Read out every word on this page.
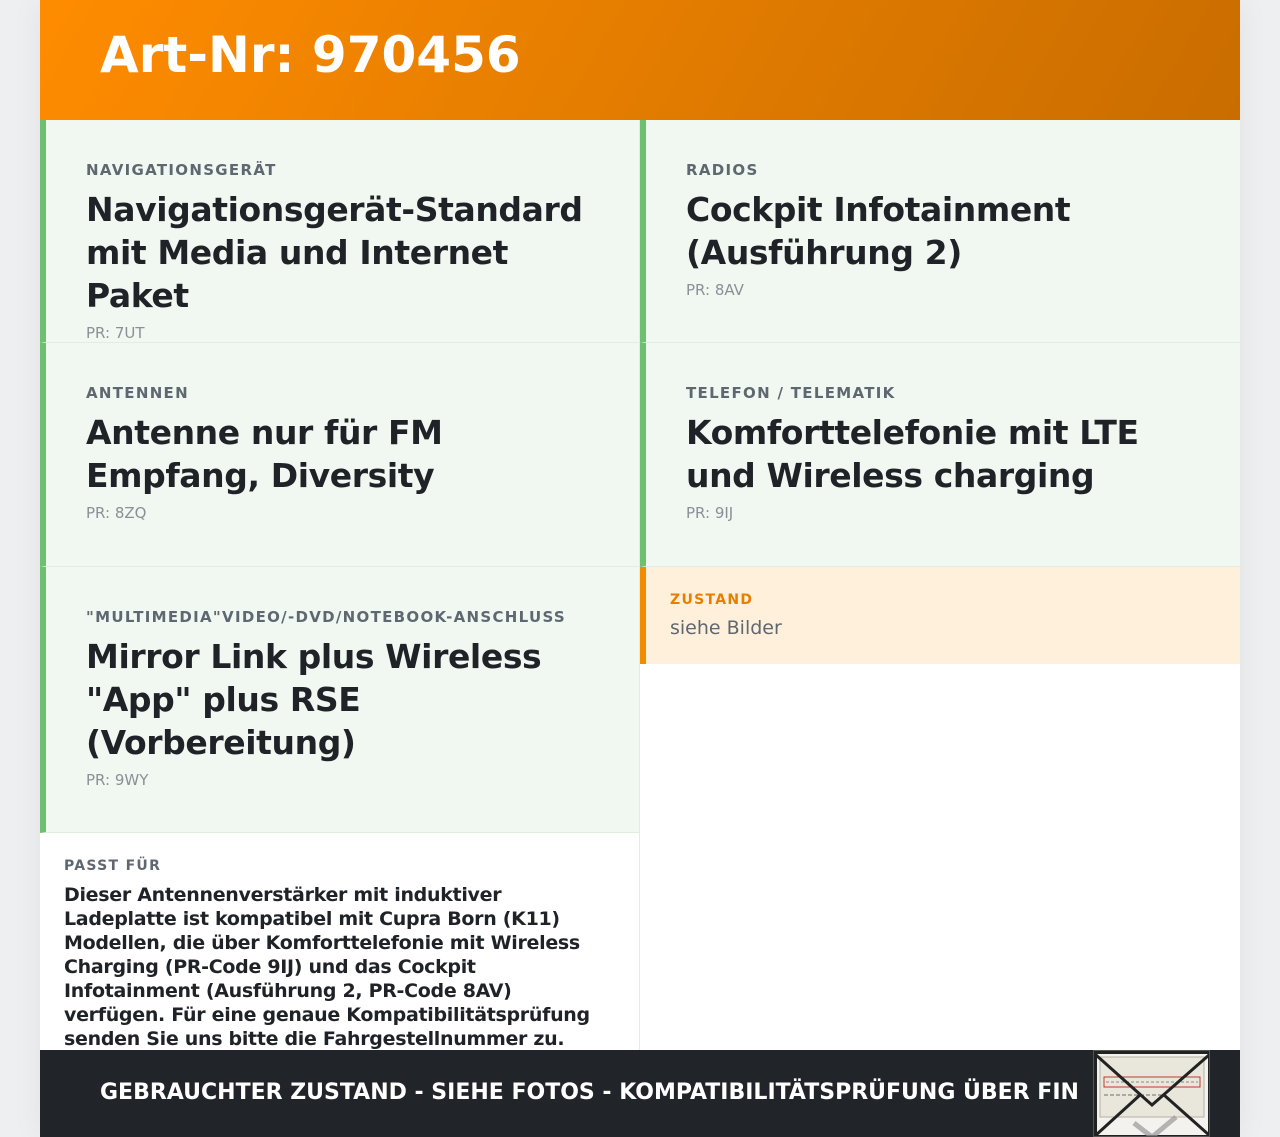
Art-Nr: 970456
NAVIGATIONSGERÄT
Navigationsgerät-Standard mit Media und Internet Paket
PR: 7UT
RADIOS
Cockpit Infotainment (Ausführung 2)
PR: 8AV
ANTENNEN
Antenne nur für FM Empfang, Diversity
PR: 8ZQ
TELEFON / TELEMATIK
Komforttelefonie mit LTE und Wireless charging
PR: 9IJ
"MULTIMEDIA"VIDEO/-DVD/NOTEBOOK-ANSCHLUSS
Mirror Link plus Wireless "App" plus RSE (Vorbereitung)
PR: 9WY
ZUSTAND
siehe Bilder
PASST FÜR
Dieser Antennenverstärker mit induktiver Ladeplatte ist kompatibel mit Cupra Born (K11) Modellen, die über Komforttelefonie mit Wireless Charging (PR-Code 9IJ) und das Cockpit Infotainment (Ausführung 2, PR-Code 8AV) verfügen. Für eine genaue Kompatibilitätsprüfung senden Sie uns bitte die Fahrgestellnummer zu.
GEBRAUCHTER ZUSTAND - SIEHE FOTOS - KOMPATIBILITÄTSPRÜFUNG ÜBER FIN
